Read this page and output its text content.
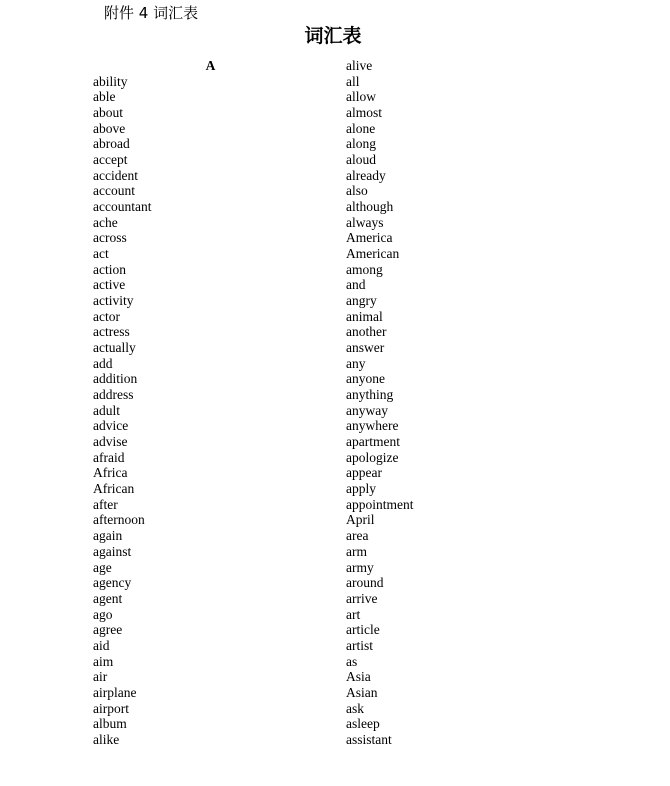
附件 4 词汇表
词汇表
A
ability
able
about
above
abroad
accept
accident
account
accountant
ache
across
act
action
active
activity
actor
actress
actually
add
addition
address
adult
advice
advise
afraid
Africa
African
after
afternoon
again
against
age
agency
agent
ago
agree
aid
aim
air
airplane
airport
album
alike
alive
all
allow
almost
alone
along
aloud
already
also
although
always
America
American
among
and
angry
animal
another
answer
any
anyone
anything
anyway
anywhere
apartment
apologize
appear
apply
appointment
April
area
arm
army
around
arrive
art
article
artist
as
Asia
Asian
ask
asleep
assistant
